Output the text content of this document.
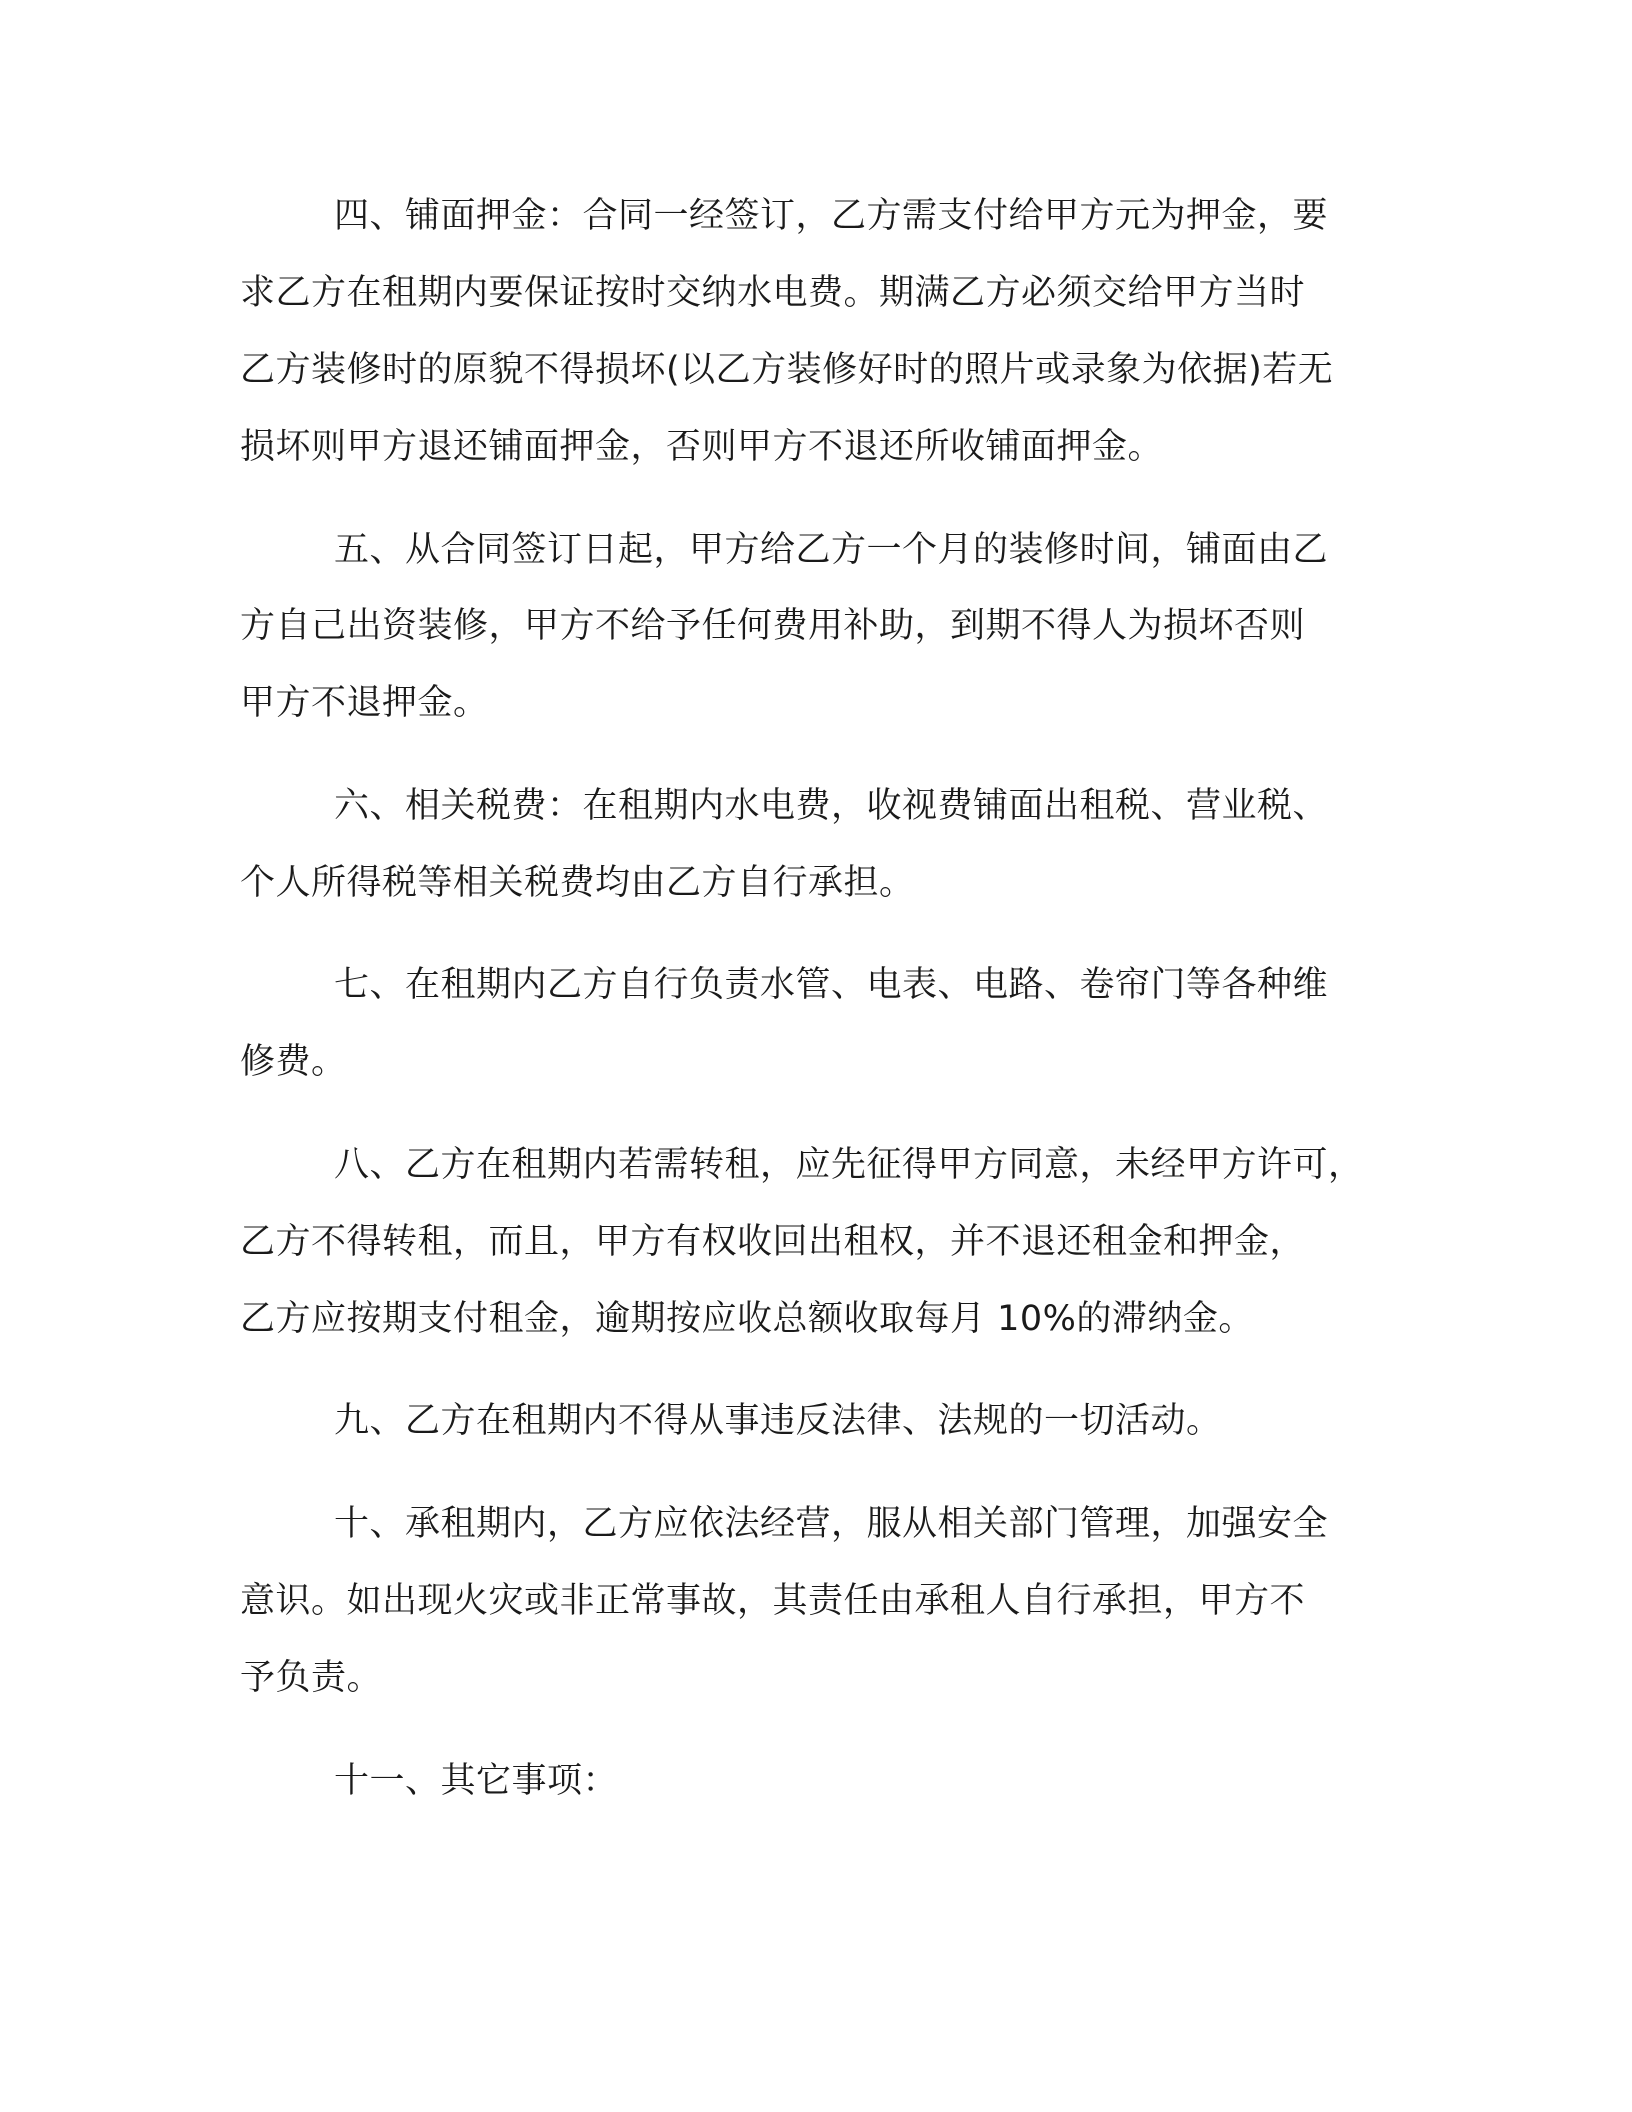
四、铺面押金：合同一经签订，乙方需支付给甲方元为押金，要

求乙方在租期内要保证按时交纳水电费。期满乙方必须交给甲方当时

乙方装修时的原貌不得损坏(以乙方装修好时的照片或录象为依据)若无

损坏则甲方退还铺面押金，否则甲方不退还所收铺面押金。

五、从合同签订日起，甲方给乙方一个月的装修时间，铺面由乙

方自己出资装修，甲方不给予任何费用补助，到期不得人为损坏否则

甲方不退押金。

六、相关税费：在租期内水电费，收视费铺面出租税、营业税、

个人所得税等相关税费均由乙方自行承担。

七、在租期内乙方自行负责水管、电表、电路、卷帘门等各种维

修费。

八、乙方在租期内若需转租，应先征得甲方同意，未经甲方许可，

乙方不得转租，而且，甲方有权收回出租权，并不退还租金和押金，

乙方应按期支付租金，逾期按应收总额收取每月 10%的滞纳金。

九、乙方在租期内不得从事违反法律、法规的一切活动。

十、承租期内，乙方应依法经营，服从相关部门管理，加强安全

意识。如出现火灾或非正常事故，其责任由承租人自行承担，甲方不

予负责。

十一、其它事项：
